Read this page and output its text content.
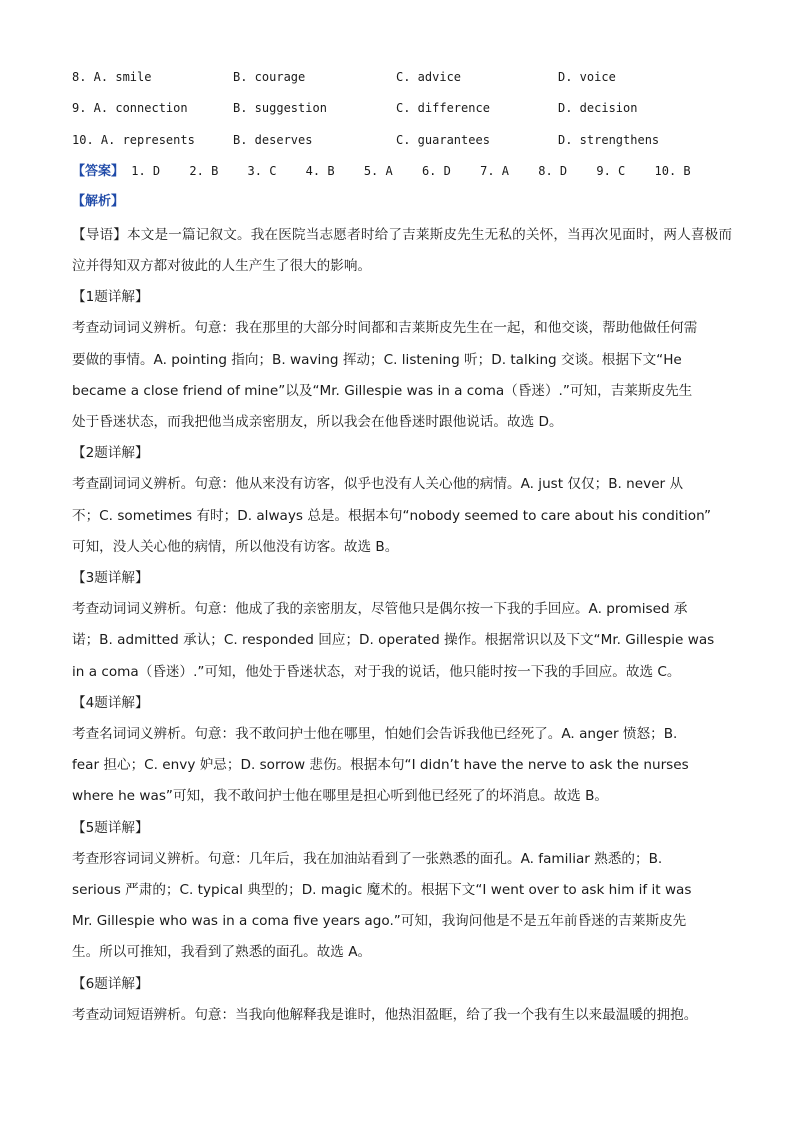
8. A. smile	B. courage	C. advice	D. voice
9. A. connection	B. suggestion	C. difference	D. decision
10. A. represents	B. deserves	C. guarantees	D. strengthens
【答案】 1. D 2. B 3. C 4. B 5. A 6. D 7. A 8. D 9. C 10. B
【解析】

【导语】本文是一篇记叙文。我在医院当志愿者时给了吉莱斯皮先生无私的关怀，当再次见面时，两人喜极而泣并得知双方都对彼此的人生产生了很大的影响。

【1题详解】
考查动词词义辨析。句意：我在那里的大部分时间都和吉莱斯皮先生在一起，和他交谈，帮助他做任何需
要做的事情。A. pointing 指向；B. waving 挥动；C. listening 听；D. talking 交谈。根据下文“He
became a close friend of mine”以及“Mr. Gillespie was in a coma（昏迷）.”可知，吉莱斯皮先生
处于昏迷状态，而我把他当成亲密朋友，所以我会在他昏迷时跟他说话。故选 D。
【2题详解】
考查副词词义辨析。句意：他从来没有访客，似乎也没有人关心他的病情。A. just 仅仅；B. never 从
不；C. sometimes 有时；D. always 总是。根据本句“nobody seemed to care about his condition”
可知，没人关心他的病情，所以他没有访客。故选 B。
【3题详解】
考查动词词义辨析。句意：他成了我的亲密朋友，尽管他只是偶尔按一下我的手回应。A. promised 承
诺；B. admitted 承认；C. responded 回应；D. operated 操作。根据常识以及下文“Mr. Gillespie was
in a coma（昏迷）.”可知，他处于昏迷状态，对于我的说话，他只能时按一下我的手回应。故选 C。
【4题详解】
考查名词词义辨析。句意：我不敢问护士他在哪里，怕她们会告诉我他已经死了。A. anger 愤怒；B.
fear 担心；C. envy 妒忌；D. sorrow 悲伤。根据本句“I didn’t have the nerve to ask the nurses
where he was”可知，我不敢问护士他在哪里是担心听到他已经死了的坏消息。故选 B。
【5题详解】
考查形容词词义辨析。句意：几年后，我在加油站看到了一张熟悉的面孔。A. familiar 熟悉的；B.
serious 严肃的；C. typical 典型的；D. magic 魔术的。根据下文“I went over to ask him if it was
Mr. Gillespie who was in a coma five years ago.”可知，我询问他是不是五年前昏迷的吉莱斯皮先
生。所以可推知，我看到了熟悉的面孔。故选 A。
【6题详解】
考查动词短语辨析。句意：当我向他解释我是谁时，他热泪盈眶，给了我一个我有生以来最温暖的拥抱。
